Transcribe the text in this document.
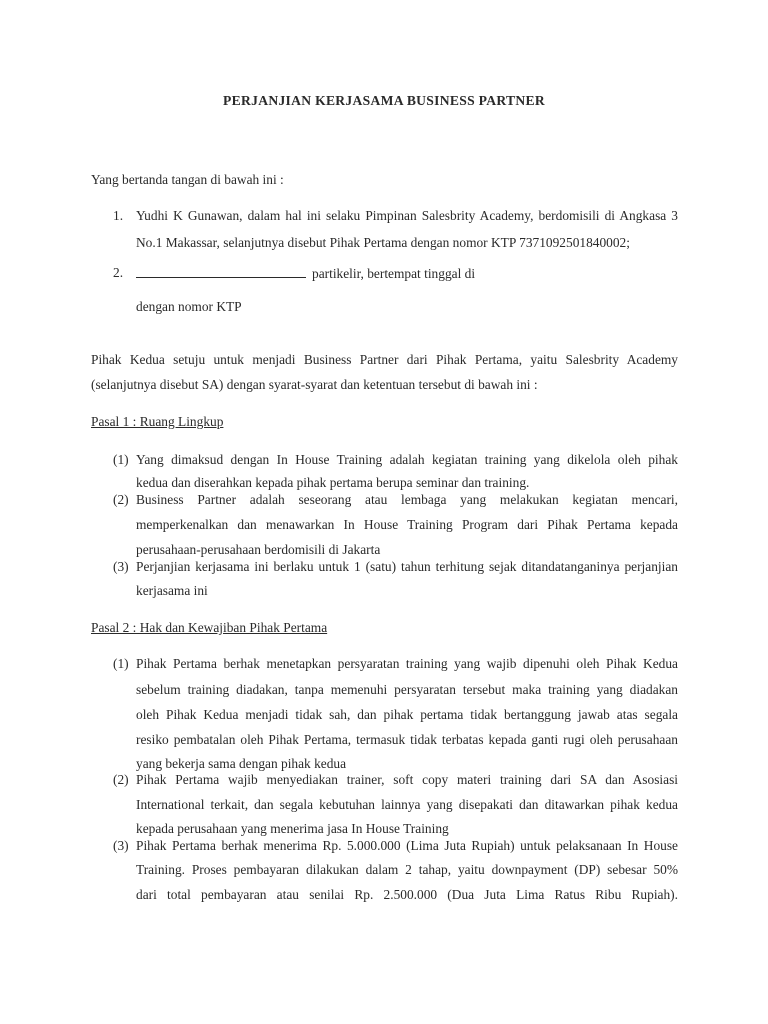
PERJANJIAN KERJASAMA BUSINESS PARTNER
Yang bertanda tangan di bawah ini :
1. Yudhi K Gunawan, dalam hal ini selaku Pimpinan Salesbrity Academy, berdomisili di Angkasa 3
No.1 Makassar, selanjutnya disebut Pihak Pertama dengan nomor KTP 7371092501840002;
2.	partikelir, bertempat tinggal di
dengan nomor KTP
Pihak Kedua setuju untuk menjadi Business Partner dari Pihak Pertama, yaitu Salesbrity Academy
(selanjutnya disebut SA) dengan syarat-syarat dan ketentuan tersebut di bawah ini :
Pasal 1 : Ruang Lingkup
(1) Yang dimaksud dengan In House Training adalah kegiatan training yang dikelola oleh pihak
kedua dan diserahkan kepada pihak pertama berupa seminar dan training.
(2) Business Partner adalah seseorang atau lembaga yang melakukan kegiatan mencari,
memperkenalkan dan menawarkan In House Training Program dari Pihak Pertama kepada
perusahaan-perusahaan berdomisili di Jakarta
(3) Perjanjian kerjasama ini berlaku untuk 1 (satu) tahun terhitung sejak ditandatanganinya perjanjian
kerjasama ini
Pasal 2 : Hak dan Kewajiban Pihak Pertama
(1) Pihak Pertama berhak menetapkan persyaratan training yang wajib dipenuhi oleh Pihak Kedua
sebelum training diadakan, tanpa memenuhi persyaratan tersebut maka training yang diadakan
oleh Pihak Kedua menjadi tidak sah, dan pihak pertama tidak bertanggung jawab atas segala
resiko pembatalan oleh Pihak Pertama, termasuk tidak terbatas kepada ganti rugi oleh perusahaan
yang bekerja sama dengan pihak kedua
(2) Pihak Pertama wajib menyediakan trainer, soft copy materi training dari SA dan Asosiasi
International terkait, dan segala kebutuhan lainnya yang disepakati dan ditawarkan pihak kedua
kepada perusahaan yang menerima jasa In House Training
(3) Pihak Pertama berhak menerima Rp. 5.000.000 (Lima Juta Rupiah) untuk pelaksanaan In House
Training. Proses pembayaran dilakukan dalam 2 tahap, yaitu downpayment (DP) sebesar 50%
dari total pembayaran atau senilai Rp. 2.500.000 (Dua Juta Lima Ratus Ribu Rupiah).
